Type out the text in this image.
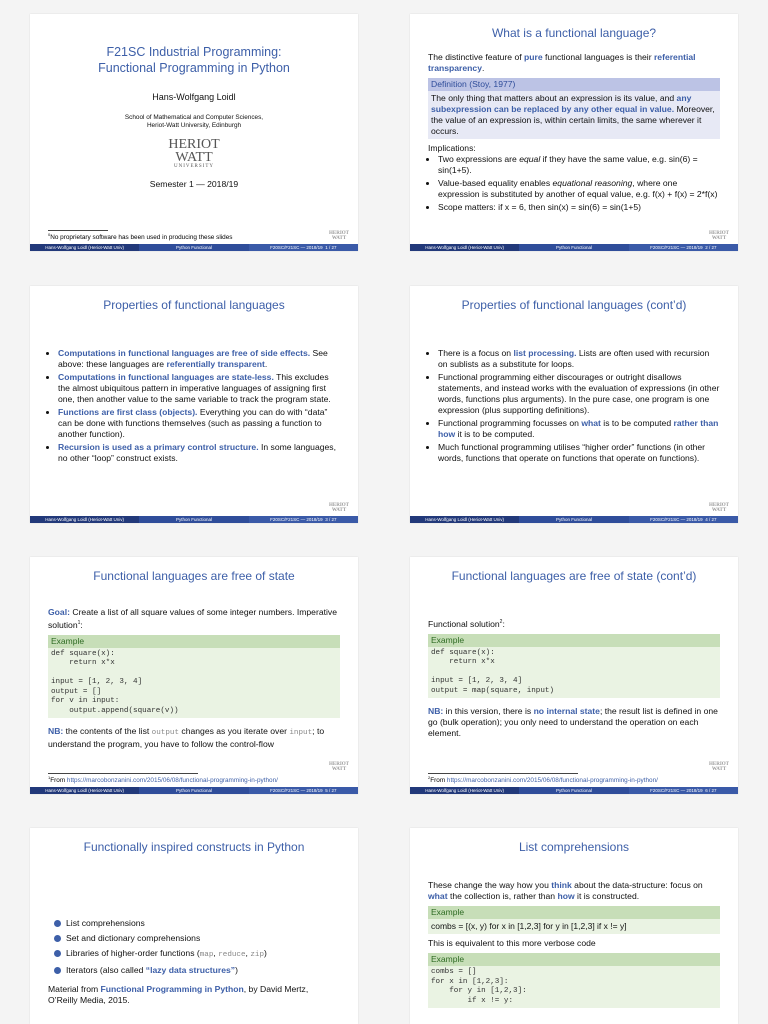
F21SC Industrial Programming:
Functional Programming in Python
Hans-Wolfgang Loidl
School of Mathematical and Computer Sciences,
Heriot-Watt University, Edinburgh
HERIOT
WATT
UNIVERSITY
Semester 1 — 2018/19
$^0$No proprietary software has been used in producing these slides
HERIOT
WATT
Hans-Wolfgang Loidl (Heriot-Watt Univ)	Python Functional	F20SC/F21SC — 2018/19 1 / 27
What is a functional language?
The distinctive feature of pure functional languages is their referential transparency.
Definition (Stoy, 1977)
The only thing that matters about an expression is its value, and any subexpression can be replaced by any other equal in value. Moreover, the value of an expression is, within certain limits, the same wherever it occurs.
Implications:
• Two expressions are equal if they have the same value, e.g. sin(6) = sin(1+5).
• Value-based equality enables equational reasoning, where one expression is substituted by another of equal value, e.g. f(x) + f(x) = 2*f(x)
• Scope matters: if x = 6, then sin(x) = sin(6) = sin(1+5)
HERIOT
WATT
Hans-Wolfgang Loidl (Heriot-Watt Univ)	Python Functional	F20SC/F21SC — 2018/19 2 / 27
Properties of functional languages
• Computations in functional languages are free of side effects. See above: these languages are referentially transparent.
• Computations in functional languages are state-less. This excludes the almost ubiquitous pattern in imperative languages of assigning first one, then another value to the same variable to track the program state.
• Functions are first class (objects). Everything you can do with “data” can be done with functions themselves (such as passing a function to another function).
• Recursion is used as a primary control structure. In some languages, no other “loop” construct exists.
HERIOT
WATT
Hans-Wolfgang Loidl (Heriot-Watt Univ)	Python Functional	F20SC/F21SC — 2018/19 3 / 27
Properties of functional languages (cont’d)
• There is a focus on list processing. Lists are often used with recursion on sublists as a substitute for loops.
• Functional programming either discourages or outright disallows statements, and instead works with the evaluation of expressions (in other words, functions plus arguments). In the pure case, one program is one expression (plus supporting definitions).
• Functional programming focusses on what is to be computed rather than how it is to be computed.
• Much functional programming utilises “higher order” functions (in other words, functions that operate on functions that operate on functions).
HERIOT
WATT
Hans-Wolfgang Loidl (Heriot-Watt Univ)	Python Functional	F20SC/F21SC — 2018/19 4 / 27
Functional languages are free of state
Goal: Create a list of all square values of some integer numbers. Imperative solution$^1$:
Example
def square(x):
return x*x

input = [1, 2, 3, 4]
output = []
for v in input:
output.append(square(v))
NB: the contents of the list output changes as you iterate over input; to understand the program, you have to follow the control-flow
$^1$From https://marcobonzanini.com/2015/06/08/functional-programming-in-python/
HERIOT
WATT
Hans-Wolfgang Loidl (Heriot-Watt Univ)	Python Functional	F20SC/F21SC — 2018/19 5 / 27
Functional languages are free of state (cont’d)
Functional solution$^2$:
Example
def square(x):
return x*x

input = [1, 2, 3, 4]
output = map(square, input)
NB: in this version, there is no internal state; the result list is defined in one go (bulk operation); you only need to understand the operation on each element.
$^2$From https://marcobonzanini.com/2015/06/08/functional-programming-in-python/
HERIOT
WATT
Hans-Wolfgang Loidl (Heriot-Watt Univ)	Python Functional	F20SC/F21SC — 2018/19 6 / 27
Functionally inspired constructs in Python
List comprehensions
Set and dictionary comprehensions
Libraries of higher-order functions (map, reduce, zip)
Iterators (also called “lazy data structures”)
Material from Functional Programming in Python, by David Mertz, O’Reilly Media, 2015.
List comprehensions
These change the way how you think about the data-structure: focus on what the collection is, rather than how it is constructed.
Example
combs = [(x, y) for x in [1,2,3] for y in [1,2,3] if x != y]
This is equivalent to this more verbose code
Example
combs = []
for x in [1,2,3]:
for y in [1,2,3]:
if x != y:
